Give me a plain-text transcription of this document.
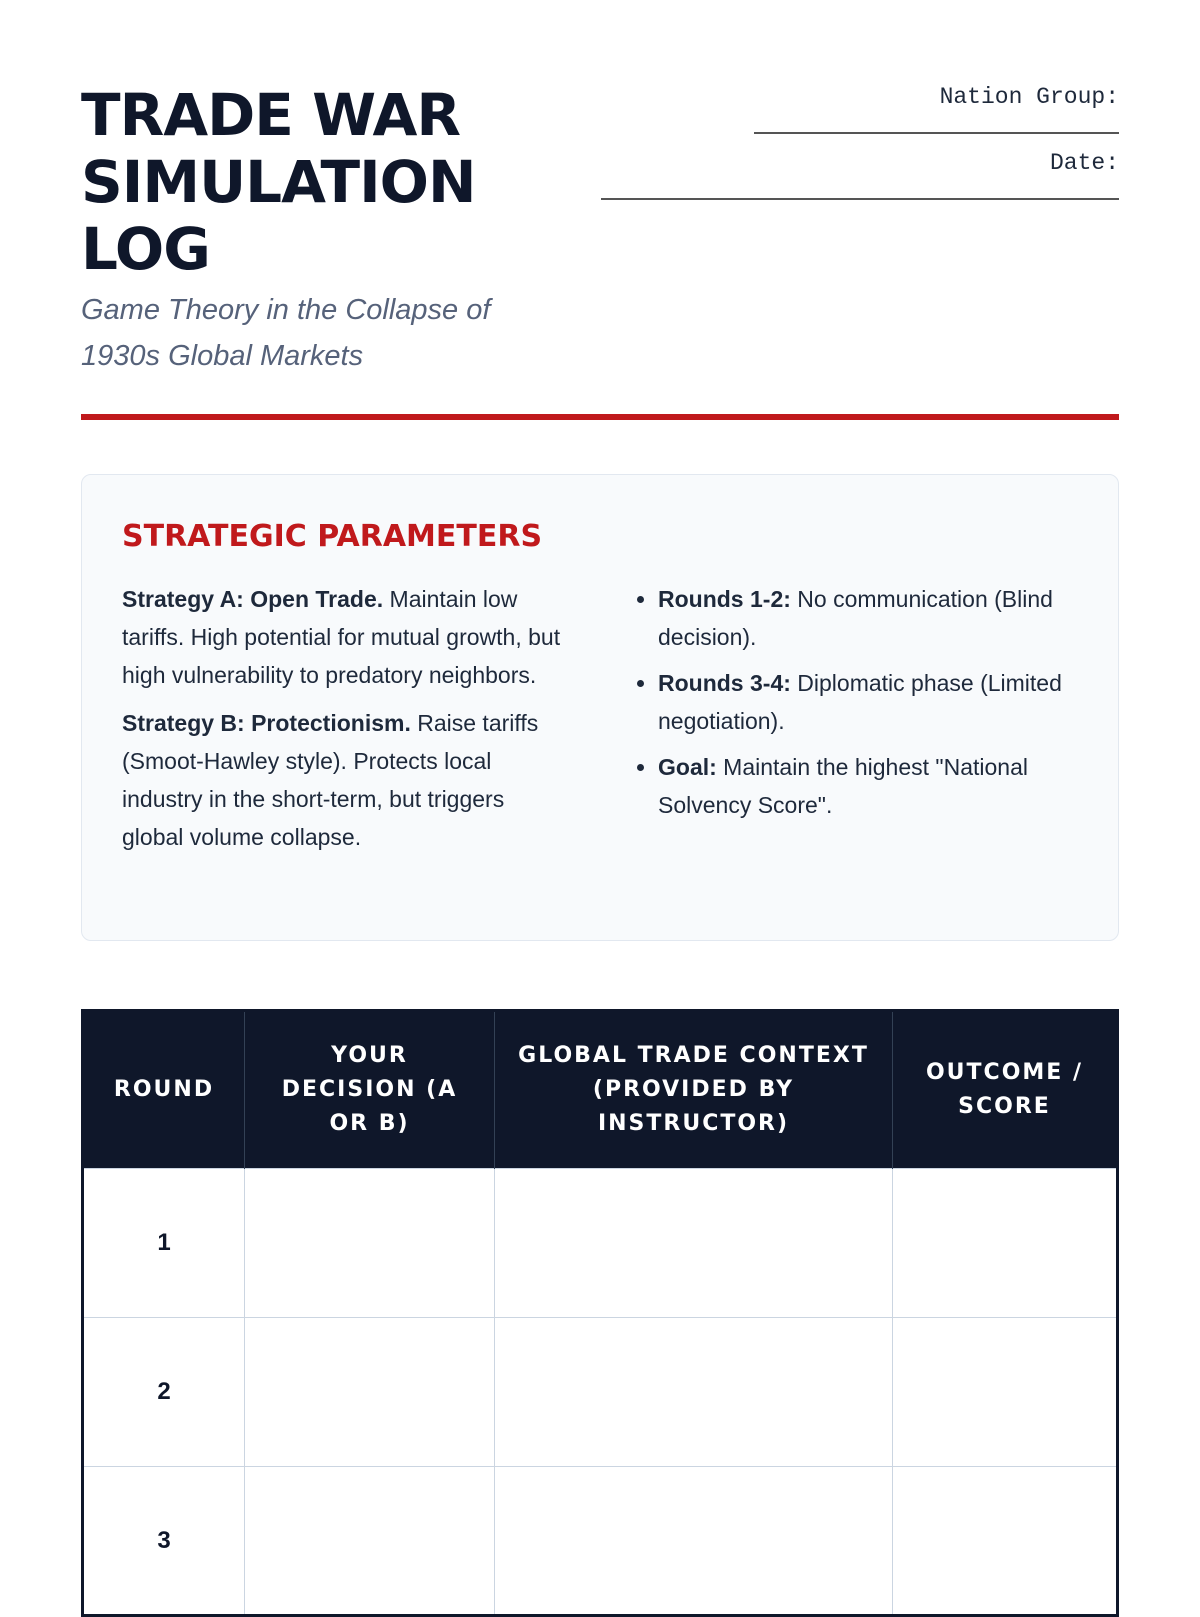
TRADE WAR SIMULATION LOG
Game Theory in the Collapse of 1930s Global Markets
Nation Group:
Date:
STRATEGIC PARAMETERS

Strategy A: Open Trade. Maintain low tariffs. High potential for mutual growth, but high vulnerability to predatory neighbors.

Strategy B: Protectionism. Raise tariffs (Smoot-Hawley style). Protects local industry in the short-term, but triggers global volume collapse.

• Rounds 1-2: No communication (Blind decision).
• Rounds 3-4: Diplomatic phase (Limited negotiation).
• Goal: Maintain the highest "National Solvency Score".
ROUND	YOUR DECISION (A OR B)	GLOBAL TRADE CONTEXT (PROVIDED BY INSTRUCTOR)	OUTCOME / SCORE
1			
2			
3			
